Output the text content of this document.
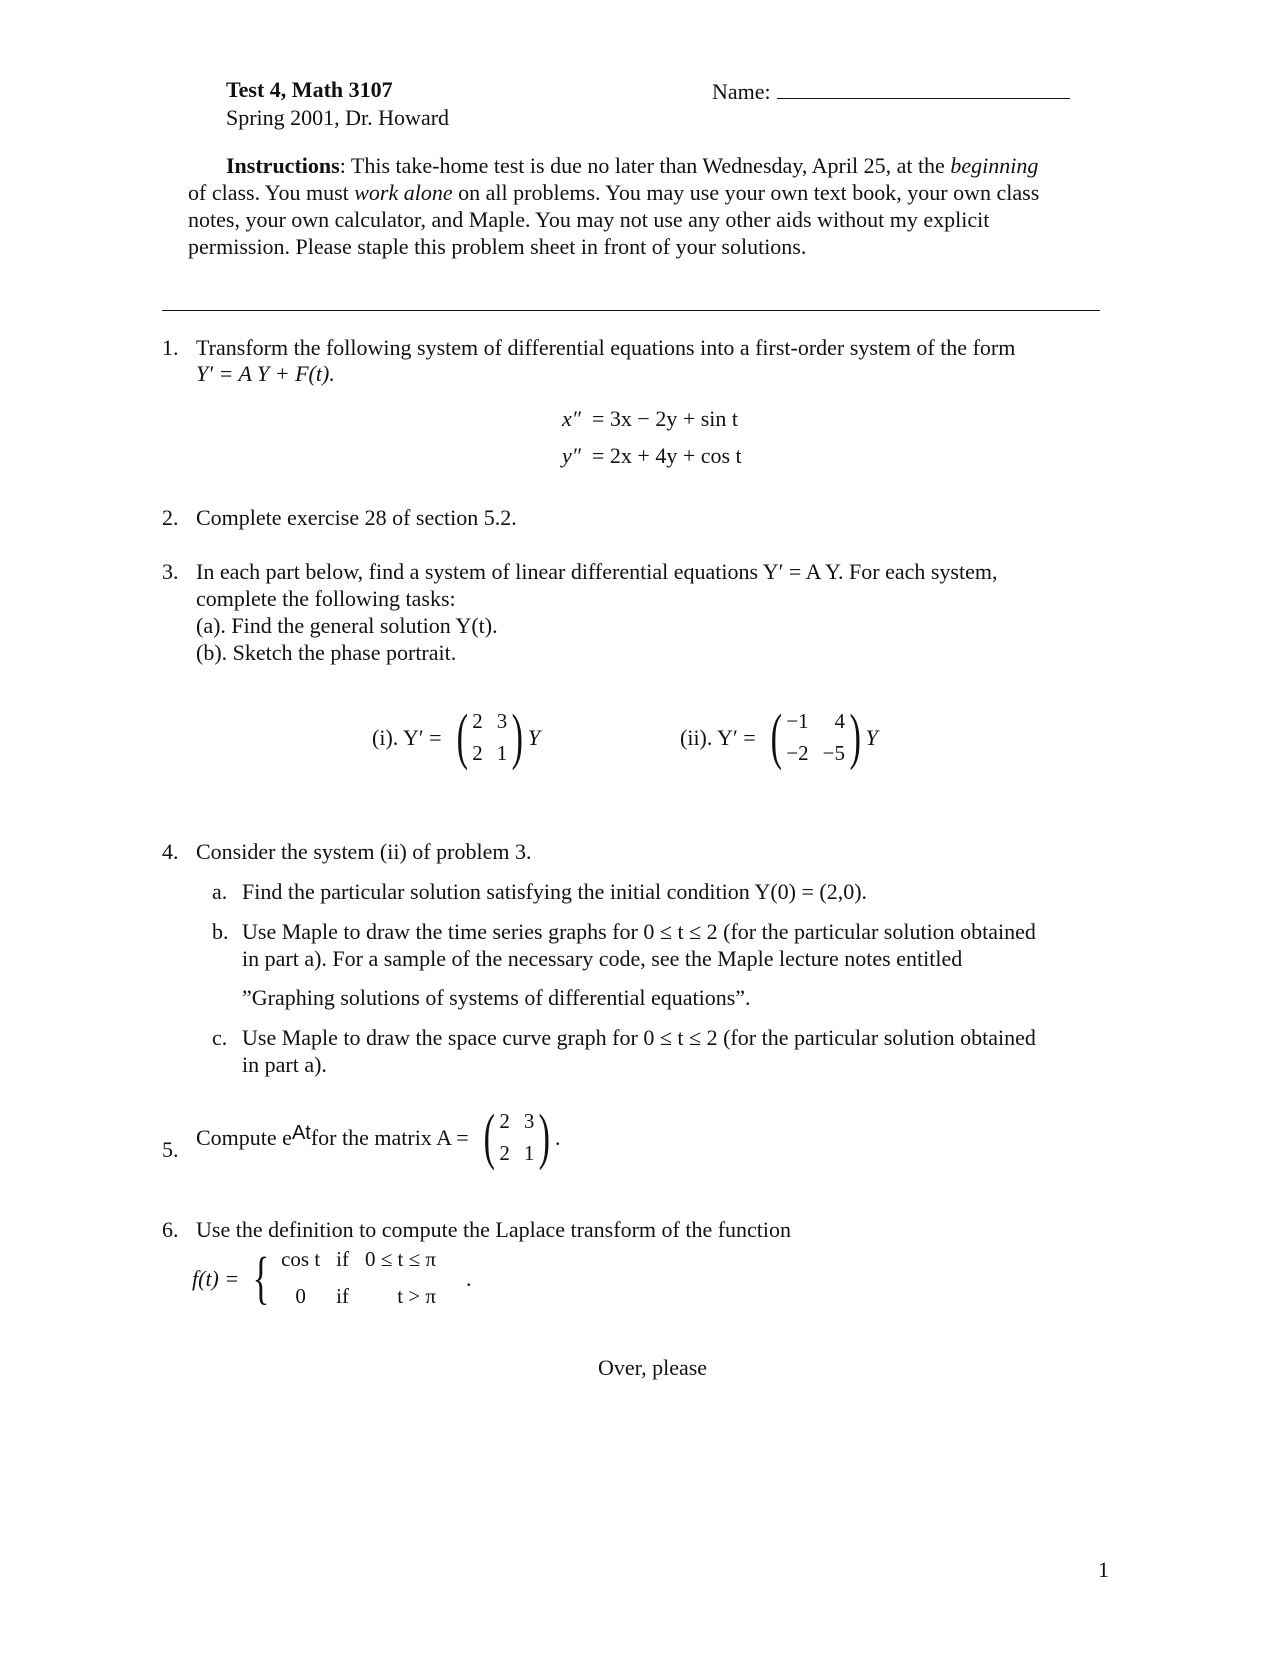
Test 4, Math 3107
Spring 2001, Dr. Howard
Name:
Instructions: This take-home test is due no later than Wednesday, April 25, at the beginning of class. You must work alone on all problems. You may use your own text book, your own class notes, your own calculator, and Maple. You may not use any other aids without my explicit permission. Please staple this problem sheet in front of your solutions.
1. Transform the following system of differential equations into a first-order system of the form
Y′ = A Y + F(t).
x″ = 3x − 2y + sin t
y″ = 2x + 4y + cos t
2. Complete exercise 28 of section 5.2.
3. In each part below, find a system of linear differential equations Y′ = A Y. For each system,
complete the following tasks:
(a). Find the general solution Y(t).
(b). Sketch the phase portrait.
(i). Y′ = ( 2 3
2 1 ) Y	(ii). Y′ = ( −1	4
−2 −5 ) Y
4. Consider the system (ii) of problem 3.
a. Find the particular solution satisfying the initial condition Y(0) = (2,0).
b. Use Maple to draw the time series graphs for 0 ≤ t ≤ 2 (for the particular solution obtained
in part a). For a sample of the necessary code, see the Maple lecture notes entitled
”Graphing solutions of systems of differential equations”.
c. Use Maple to draw the space curve graph for 0 ≤ t ≤ 2 (for the particular solution obtained
in part a).
5. Compute $e^{At}$ for the matrix A = ( 2 3
2 1 ) .
6. Use the definition to compute the Laplace transform of the function
f(t) = { cos t if 0 ≤ t ≤ π
0	if	t > π
.
Over, please
1
